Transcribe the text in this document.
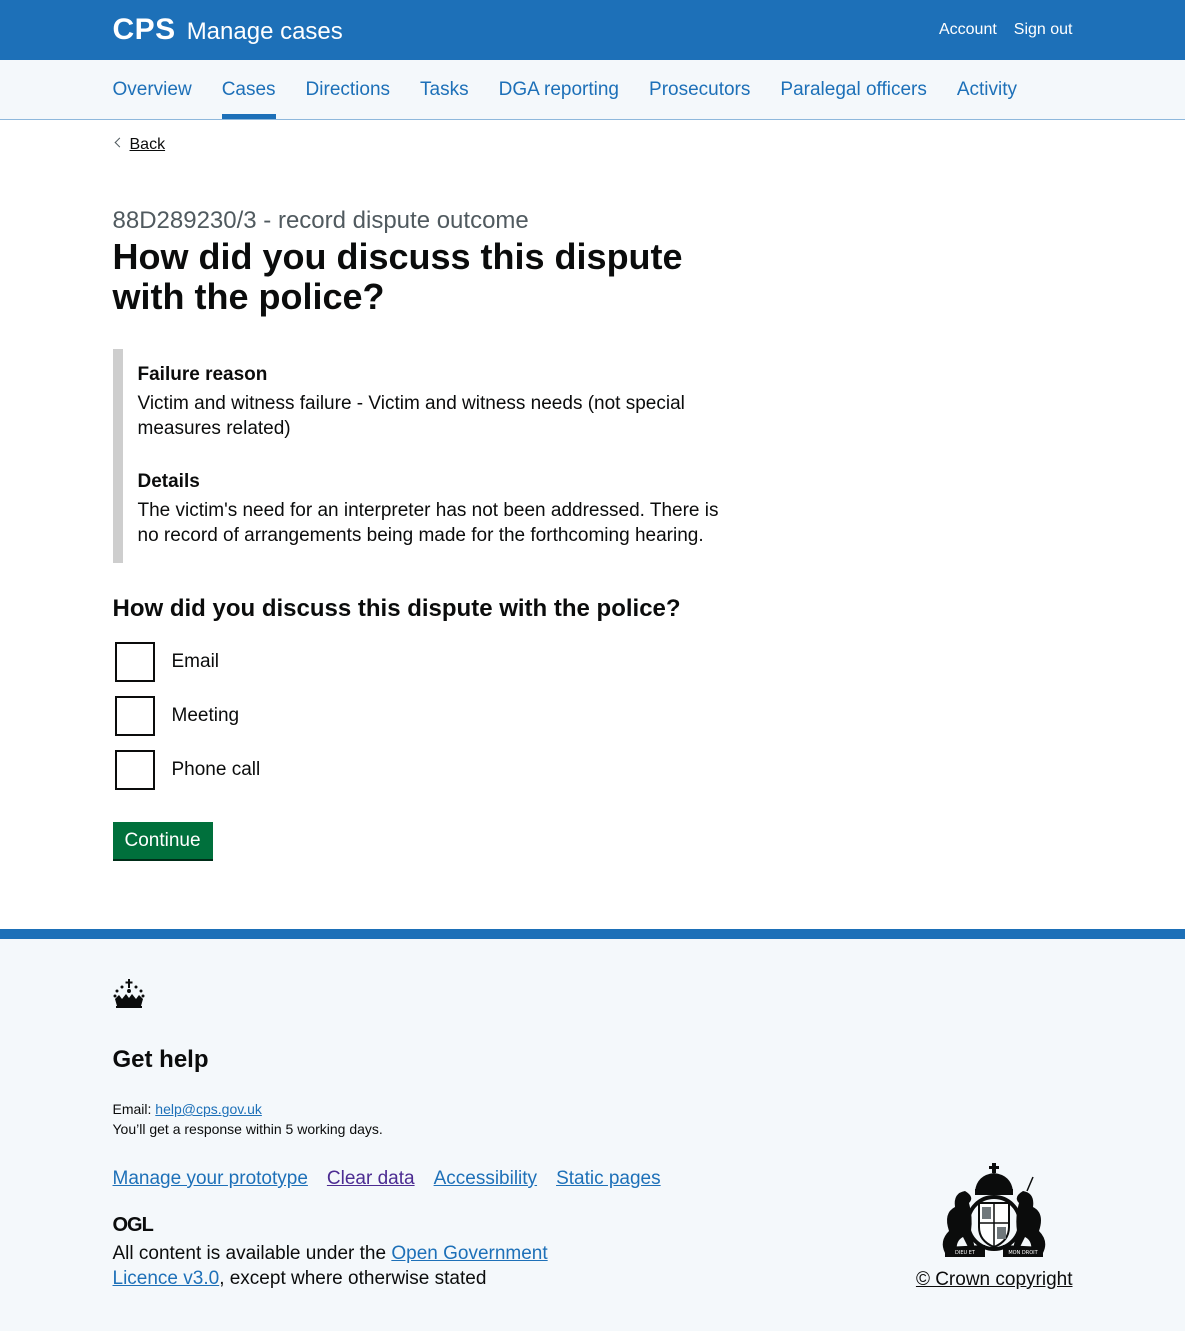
CPS Manage cases	Account Sign out
Overview Cases Directions Tasks DGA reporting Prosecutors Paralegal officers Activity
Back
88D289230/3 - record dispute outcome
How did you discuss this dispute with the police?
Failure reason

Victim and witness failure - Victim and witness needs (not special measures related)

Details

The victim's need for an interpreter has not been addressed. There is no record of arrangements being made for the forthcoming hearing.

How did you discuss this dispute with the police?
Email
Meeting
Phone call
Continue
Get help
Email: help@cps.gov.uk
You’ll get a response within 5 working days.
Manage your prototype Clear data Accessibility Static pages
OGL
All content is available under the Open Government Licence v3.0, except where otherwise stated
DIEU ET	MON DROIT
© Crown copyright
